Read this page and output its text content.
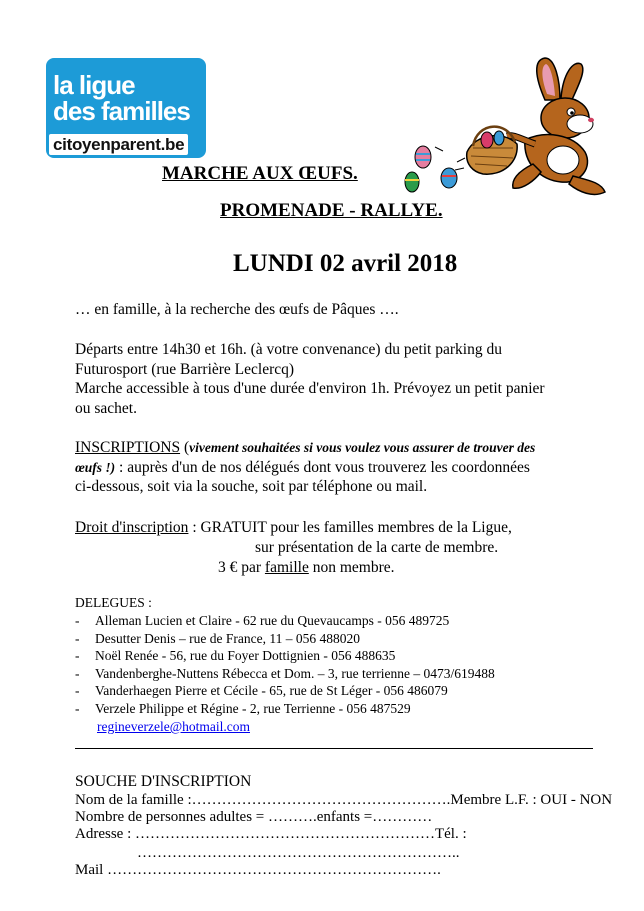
la ligue
des familles
citoyenparent.be
MARCHE AUX ŒUFS.
PROMENADE - RALLYE.
LUNDI 02 avril 2018
… en famille, à la recherche des œufs de Pâques ….
Départs entre 14h30 et 16h. (à votre convenance) du petit parking du
Futurosport (rue Barrière Leclercq)
Marche accessible à tous d'une durée d'environ 1h. Prévoyez un petit panier
ou sachet.
INSCRIPTIONS (vivement souhaitées si vous voulez vous assurer de trouver des
œufs !) : auprès d'un de nos délégués dont vous trouverez les coordonnées
ci-dessous, soit via la souche, soit par téléphone ou mail.
Droit d'inscription : GRATUIT pour les familles membres de la Ligue,
sur présentation de la carte de membre.
3 € par famille non membre.
DELEGUES :
- Alleman Lucien et Claire - 62 rue du Quevaucamps - 056 489725
- Desutter Denis – rue de France, 11 – 056 488020
- Noël Renée - 56, rue du Foyer Dottignien - 056 488635
- Vandenberghe-Nuttens Rébecca et Dom. – 3, rue terrienne – 0473/619488
- Vanderhaegen Pierre et Cécile - 65, rue de St Léger - 056 486079
- Verzele Philippe et Régine - 2, rue Terrienne - 056 487529
regineverzele@hotmail.com
SOUCHE D'INSCRIPTION
Nom de la famille :…………………………………………….Membre L.F. : OUI - NON
Nombre de personnes adultes = ……….enfants =…………
Adresse : ……………………………………………………Tél. :
………………………………………………………..
Mail ………………………………………………………….
